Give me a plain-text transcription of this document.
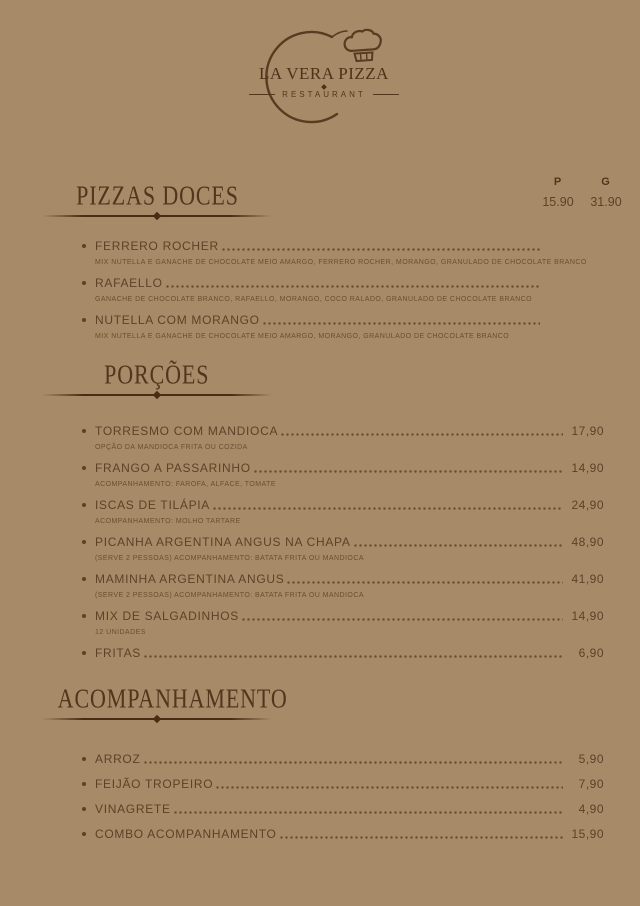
LA VERA PIZZA
RESTAURANT
P
15.90
G
31.90
PIZZAS DOCES
FERRERO ROCHER
MIX NUTELLA E GANACHE DE CHOCOLATE MEIO AMARGO, FERRERO ROCHER, MORANGO, GRANULADO DE CHOCOLATE BRANCO
RAFAELLO
GANACHE DE CHOCOLATE BRANCO, RAFAELLO, MORANGO, COCO RALADO, GRANULADO DE CHOCOLATE BRANCO
NUTELLA COM MORANGO
MIX NUTELLA E GANACHE DE CHOCOLATE MEIO AMARGO, MORANGO, GRANULADO DE CHOCOLATE BRANCO
PORÇÕES
TORRESMO COM MANDIOCA	17,90
OPÇÃO DA MANDIOCA FRITA OU COZIDA
FRANGO A PASSARINHO	14,90
ACOMPANHAMENTO: FAROFA, ALFACE, TOMATE
ISCAS DE TILÁPIA	24,90
ACOMPANHAMENTO: MOLHO TARTARE
PICANHA ARGENTINA ANGUS NA CHAPA	48,90
(SERVE 2 PESSOAS) ACOMPANHAMENTO: BATATA FRITA OU MANDIOCA
MAMINHA ARGENTINA ANGUS	41,90
(SERVE 2 PESSOAS) ACOMPANHAMENTO: BATATA FRITA OU MANDIOCA
MIX DE SALGADINHOS	14,90
12 UNIDADES
FRITAS	6,90
ACOMPANHAMENTO
ARROZ	5,90
FEIJÃO TROPEIRO	7,90
VINAGRETE	4,90
COMBO ACOMPANHAMENTO	15,90
